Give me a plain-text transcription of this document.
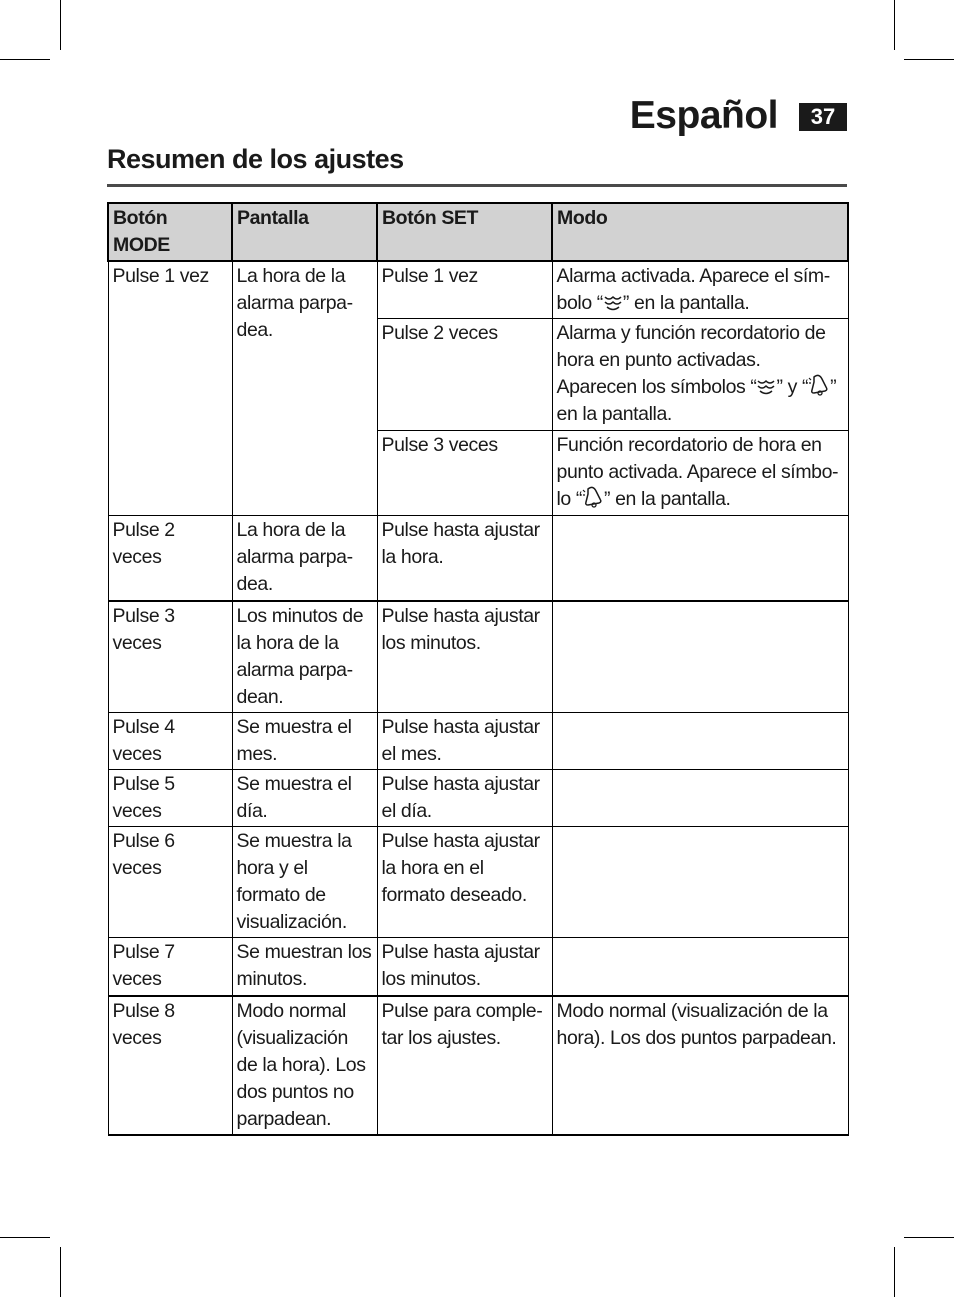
Español	37
Resumen de los ajustes
Botón MODE	Pantalla	Botón SET	Modo
Pulse 1 vez	La hora de la alarma parpa-dea.	Pulse 1 vez	Alarma activada. Aparece el sím-bolo “ ” en la pantalla.
		Pulse 2 veces	Alarma y función recordatorio de hora en punto activadas. Aparecen los símbolos “ ” y “ ” en la pantalla.
		Pulse 3 veces	Función recordatorio de hora en punto activada. Aparece el símbo-lo “ ” en la pantalla.
Pulse 2 veces	La hora de la alarma parpa-dea.	Pulse hasta ajustar la hora.	
Pulse 3 veces	Los minutos de la hora de la alarma parpa-dean.	Pulse hasta ajustar los minutos.	
Pulse 4 veces	Se muestra el mes.	Pulse hasta ajustar el mes.	
Pulse 5 veces	Se muestra el día.	Pulse hasta ajustar el día.	
Pulse 6 veces	Se muestra la hora y el formato de visualización.	Pulse hasta ajustar la hora en el formato deseado.	
Pulse 7 veces	Se muestran los minutos.	Pulse hasta ajustar los minutos.	
Pulse 8 veces	Modo normal (visualización de la hora). Los dos puntos no parpadean.	Pulse para comple-tar los ajustes.	Modo normal (visualización de la hora). Los dos puntos parpadean.
